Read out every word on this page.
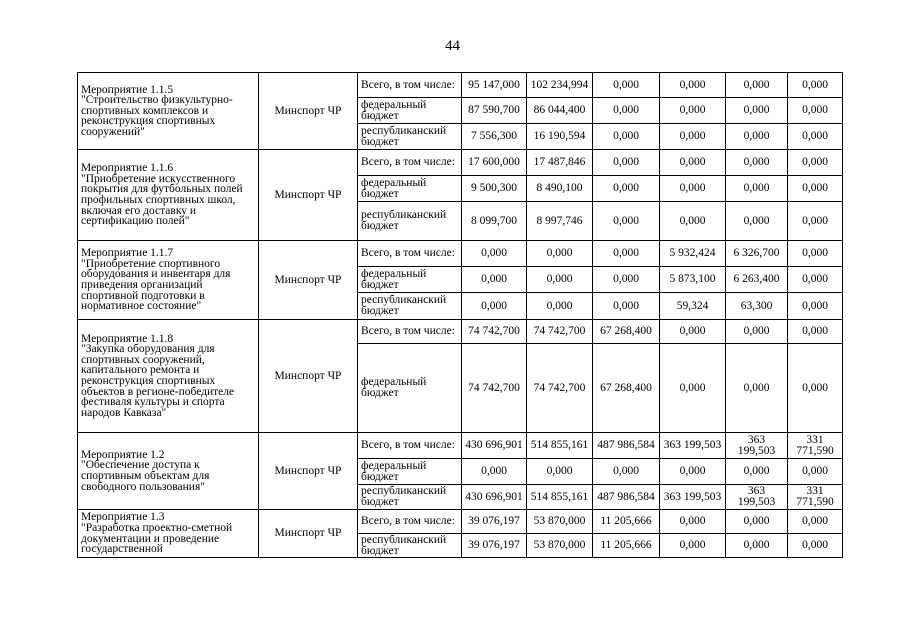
44
Мероприятие 1.1.5
"Строительство физкультурно-спортивных комплексов и реконструкция спортивных сооружений"	Минспорт ЧР	Всего, в том числе:	95 147,000	102 234,994	0,000	0,000	0,000	0,000
		федеральный бюджет	87 590,700	86 044,400	0,000	0,000	0,000	0,000
		республиканский бюджет	7 556,300	16 190,594	0,000	0,000	0,000	0,000
Мероприятие 1.1.6
"Приобретение искусственного покрытия для футбольных полей профильных спортивных школ, включая его доставку и сертификацию полей"	Минспорт ЧР	Всего, в том числе:	17 600,000	17 487,846	0,000	0,000	0,000	0,000
		федеральный бюджет	9 500,300	8 490,100	0,000	0,000	0,000	0,000
		республиканский бюджет	8 099,700	8 997,746	0,000	0,000	0,000	0,000
Мероприятие 1.1.7
"Приобретение спортивного оборудования и инвентаря для приведения организаций спортивной подготовки в нормативное состояние"	Минспорт ЧР	Всего, в том числе:	0,000	0,000	0,000	5 932,424	6 326,700	0,000
		федеральный бюджет	0,000	0,000	0,000	5 873,100	6 263,400	0,000
		республиканский бюджет	0,000	0,000	0,000	59,324	63,300	0,000
Мероприятие 1.1.8
"Закупка оборудования для спортивных сооружений, капитального ремонта и реконструкция спортивных объектов в регионе-победителе фестиваля культуры и спорта народов Кавказа"	Минспорт ЧР	Всего, в том числе:	74 742,700	74 742,700	67 268,400	0,000	0,000	0,000
		федеральный бюджет	74 742,700	74 742,700	67 268,400	0,000	0,000	0,000
Мероприятие 1.2
"Обеспечение доступа к спортивным объектам для свободного пользования"	Минспорт ЧР	Всего, в том числе:	430 696,901	514 855,161	487 986,584	363 199,503	363 199,503	331 771,590
		федеральный бюджет	0,000	0,000	0,000	0,000	0,000	0,000
		республиканский бюджет	430 696,901	514 855,161	487 986,584	363 199,503	363 199,503	331 771,590
Мероприятие 1.3
"Разработка проектно-сметной документации и проведение государственной	Минспорт ЧР	Всего, в том числе:	39 076,197	53 870,000	11 205,666	0,000	0,000	0,000
		республиканский бюджет	39 076,197	53 870,000	11 205,666	0,000	0,000	0,000
